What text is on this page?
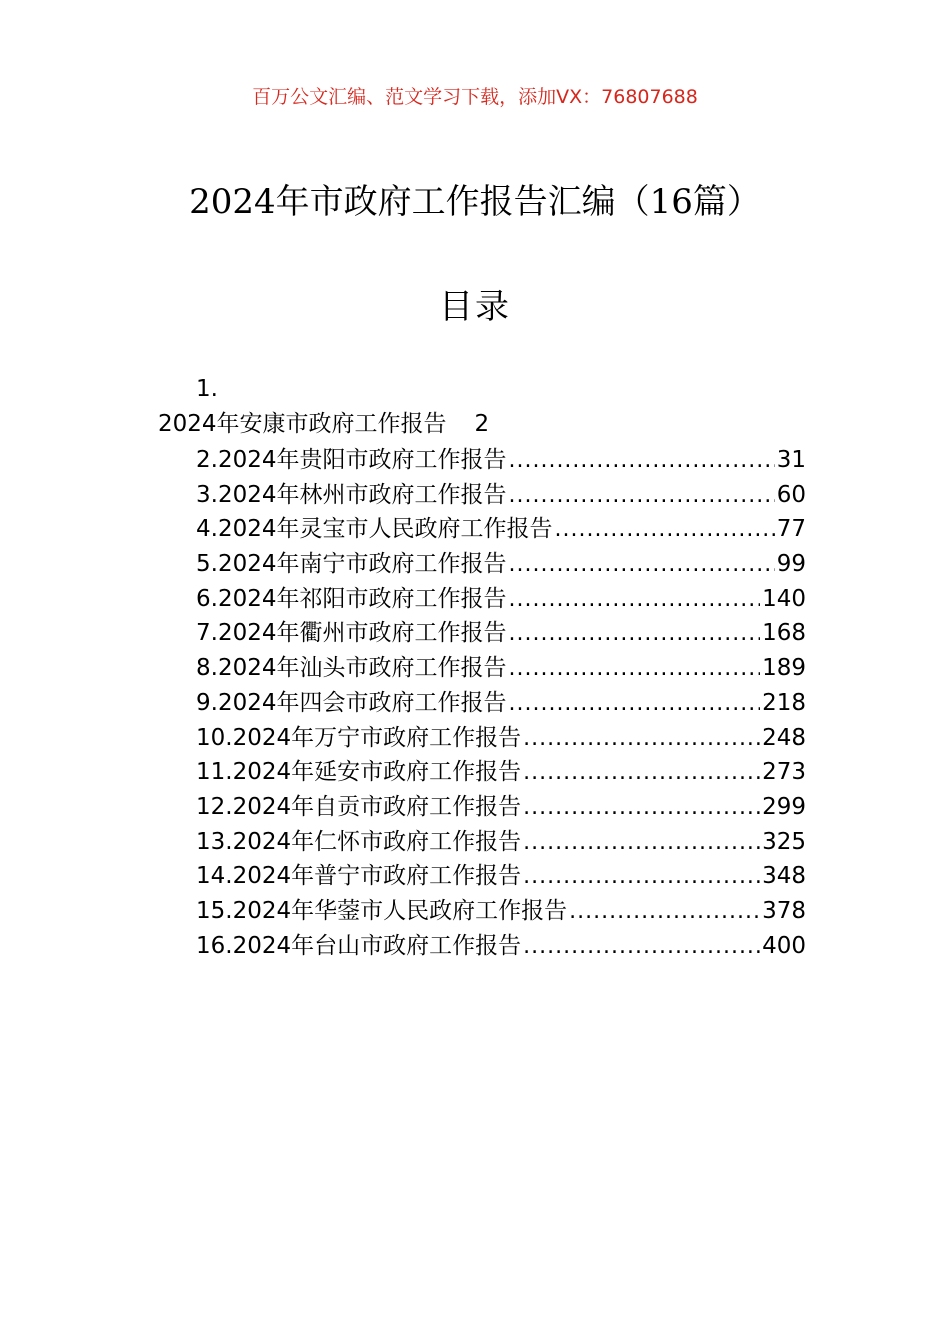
百万公文汇编、范文学习下载，添加VX：76807688
2024年市政府工作报告汇编（16篇）
目录
1.
2024年安康市政府工作报告 2
2.2024年贵阳市政府工作报告 .....	31
3.2024年林州市政府工作报告 .....	60
4.2024年灵宝市人民政府工作报告 .....	77
5.2024年南宁市政府工作报告 .....	99
6.2024年祁阳市政府工作报告 .....	140
7.2024年衢州市政府工作报告 .....	168
8.2024年汕头市政府工作报告 .....	189
9.2024年四会市政府工作报告 .....	218
10.2024年万宁市政府工作报告 .....	248
11.2024年延安市政府工作报告 .....	273
12.2024年自贡市政府工作报告 .....	299
13.2024年仁怀市政府工作报告 .....	325
14.2024年普宁市政府工作报告 .....	348
15.2024年华蓥市人民政府工作报告 .....	378
16.2024年台山市政府工作报告 .....	400
